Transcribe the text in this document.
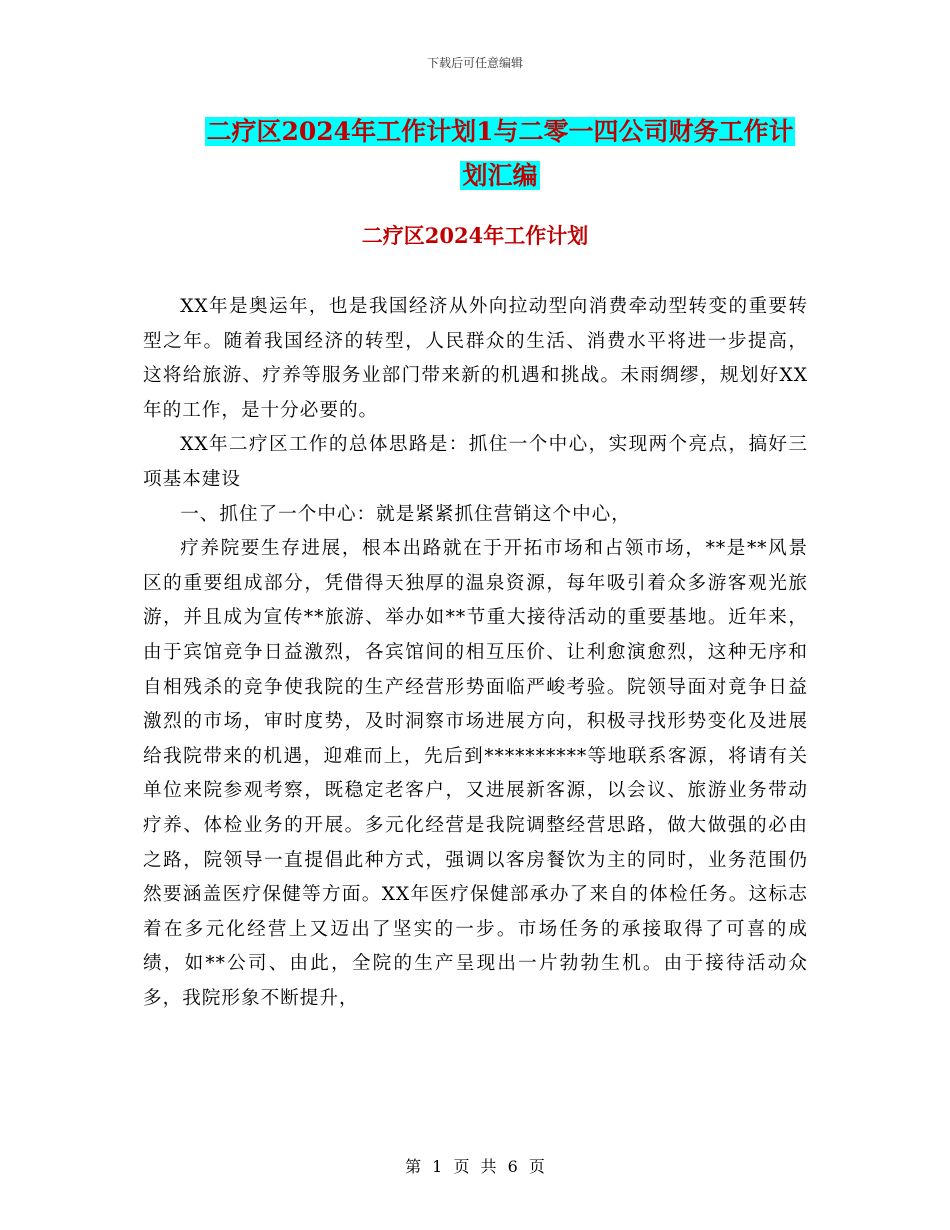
下载后可任意编辑
二疗区2024年工作计划1与二零一四公司财务工作计
划汇编
二疗区2024年工作计划

XX年是奥运年，也是我国经济从外向拉动型向消费牵动型转变的重要转型之年。随着我国经济的转型，人民群众的生活、消费水平将进一步提高，这将给旅游、疗养等服务业部门带来新的机遇和挑战。未雨绸缪，规划好XX年的工作，是十分必要的。

XX年二疗区工作的总体思路是：抓住一个中心，实现两个亮点，搞好三项基本建设

一、抓住了一个中心：就是紧紧抓住营销这个中心，

疗养院要生存进展，根本出路就在于开拓市场和占领市场，**是**风景区的重要组成部分，凭借得天独厚的温泉资源，每年吸引着众多游客观光旅游，并且成为宣传**旅游、举办如**节重大接待活动的重要基地。近年来，由于宾馆竞争日益激烈，各宾馆间的相互压价、让利愈演愈烈，这种无序和自相残杀的竞争使我院的生产经营形势面临严峻考验。院领导面对竟争日益激烈的市场，审时度势，及时洞察市场进展方向，积极寻找形势变化及进展给我院带来的机遇，迎难而上，先后到**********等地联系客源，将请有关单位来院参观考察，既稳定老客户，又进展新客源，以会议、旅游业务带动疗养、体检业务的开展。多元化经营是我院调整经营思路，做大做强的必由之路，院领导一直提倡此种方式，强调以客房餐饮为主的同时，业务范围仍然要涵盖医疗保健等方面。XX年医疗保健部承办了来自的体检任务。这标志着在多元化经营上又迈出了坚实的一步。市场任务的承接取得了可喜的成绩，如**公司、由此，全院的生产呈现出一片勃勃生机。由于接待活动众多，我院形象不断提升，

第 1 页 共 6 页
